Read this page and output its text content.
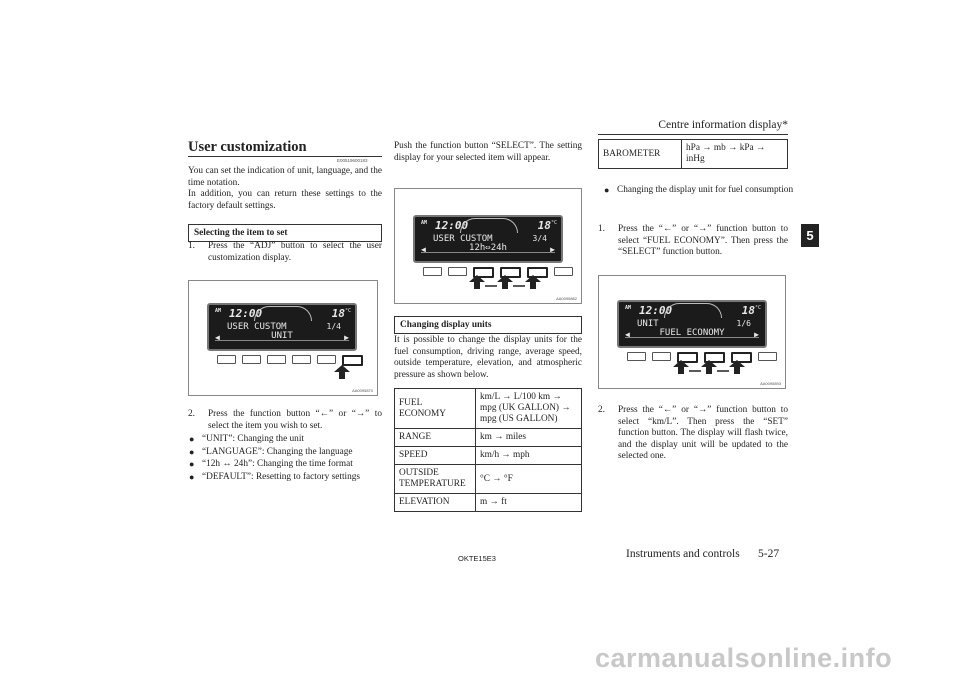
Centre information display*
5
User customization
E00519600183

You can set the indication of unit, language, and the time notation.

In addition, you can return these settings to the factory default settings.

Selecting the item to set
1.	Press the “ADJ” button to select the user customization display.
AM 12:00	18 °C
USER CUSTOM	1/4
◀	UNIT	▶
AA0095870
2.	Press the function button “←” or “→” to select the item you wish to set.
● “UNIT”: Changing the unit
● “LANGUAGE”: Changing the language
● “12h ↔ 24h”: Changing the time format
● “DEFAULT”: Resetting to factory settings
Push the function button “SELECT”. The setting display for your selected item will appear.
AM 12:00	18 °C
USER CUSTOM	3/4
◀	12h⇔24h	▶
AA0095882
Changing display units
It is possible to change the display units for the fuel consumption, driving range, average speed, outside temperature, elevation, and atmospheric pressure as shown below.
FUEL ECONOMY	km/L → L/100 km → mpg (UK GALLON) → mpg (US GALLON)
RANGE	km → miles
SPEED	km/h → mph
OUTSIDE TEMPERATURE	°C → °F
ELEVATION	m → ft
BAROMETER	hPa → mb → kPa → inHg
● Changing the display unit for fuel consumption
1.	Press the “←” or “→” function button to select “FUEL ECONOMY”. Then press the “SELECT” function button.
AM 12:00	18 °C
UNIT	1/6
◀	FUEL ECONOMY	▶
AA0095893
2.	Press the “←” or “→” function button to select “km/L”. Then press the “SET” function button. The display will flash twice, and the display unit will be updated to the selected one.
OKTE15E3	Instruments and controls 5-27
carmanualsonline.info
